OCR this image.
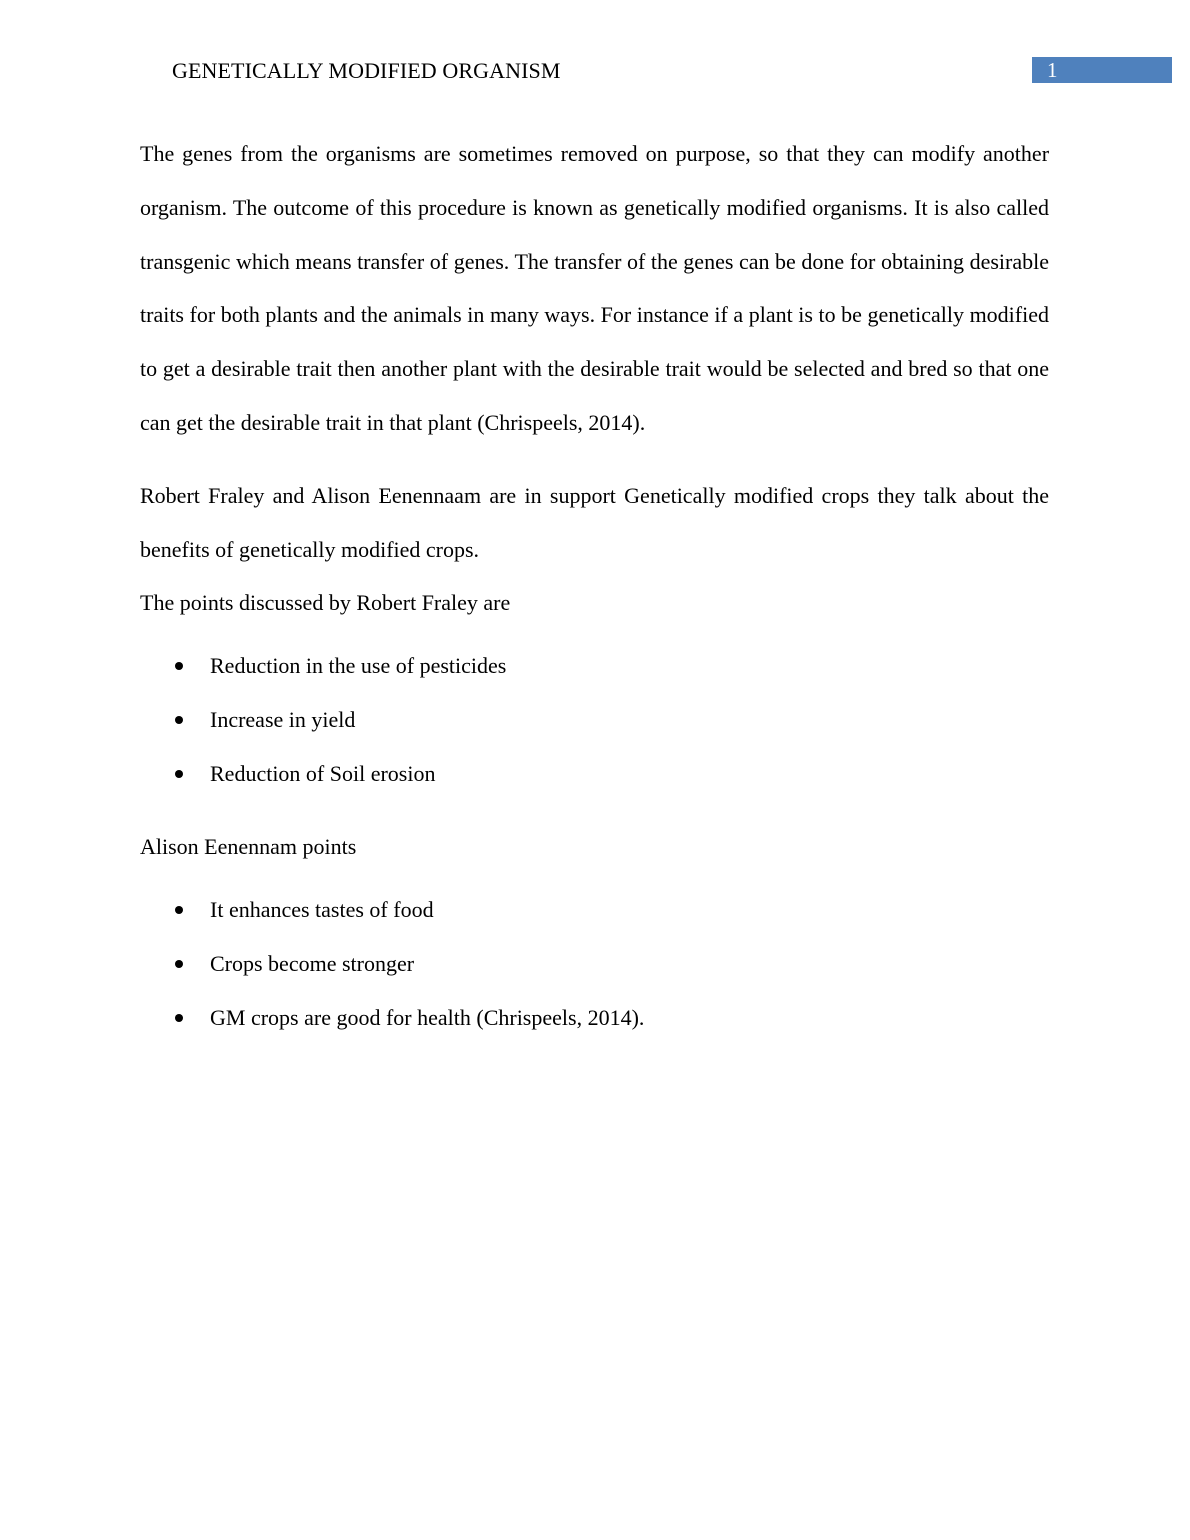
GENETICALLY MODIFIED ORGANISM	1
The genes from the organisms are sometimes removed on purpose, so that they can modify another organism. The outcome of this procedure is known as genetically modified organisms. It is also called transgenic which means transfer of genes. The transfer of the genes can be done for obtaining desirable traits for both plants and the animals in many ways. For instance if a plant is to be genetically modified to get a desirable trait then another plant with the desirable trait would be selected and bred so that one can get the desirable trait in that plant (Chrispeels, 2014).
Robert Fraley and Alison Eenennaam are in support Genetically modified crops they talk about the benefits of genetically modified crops.

The points discussed by Robert Fraley are

Reduction in the use of pesticides
Increase in yield
Reduction of Soil erosion

Alison Eenennam points

It enhances tastes of food
Crops become stronger
GM crops are good for health (Chrispeels, 2014).
